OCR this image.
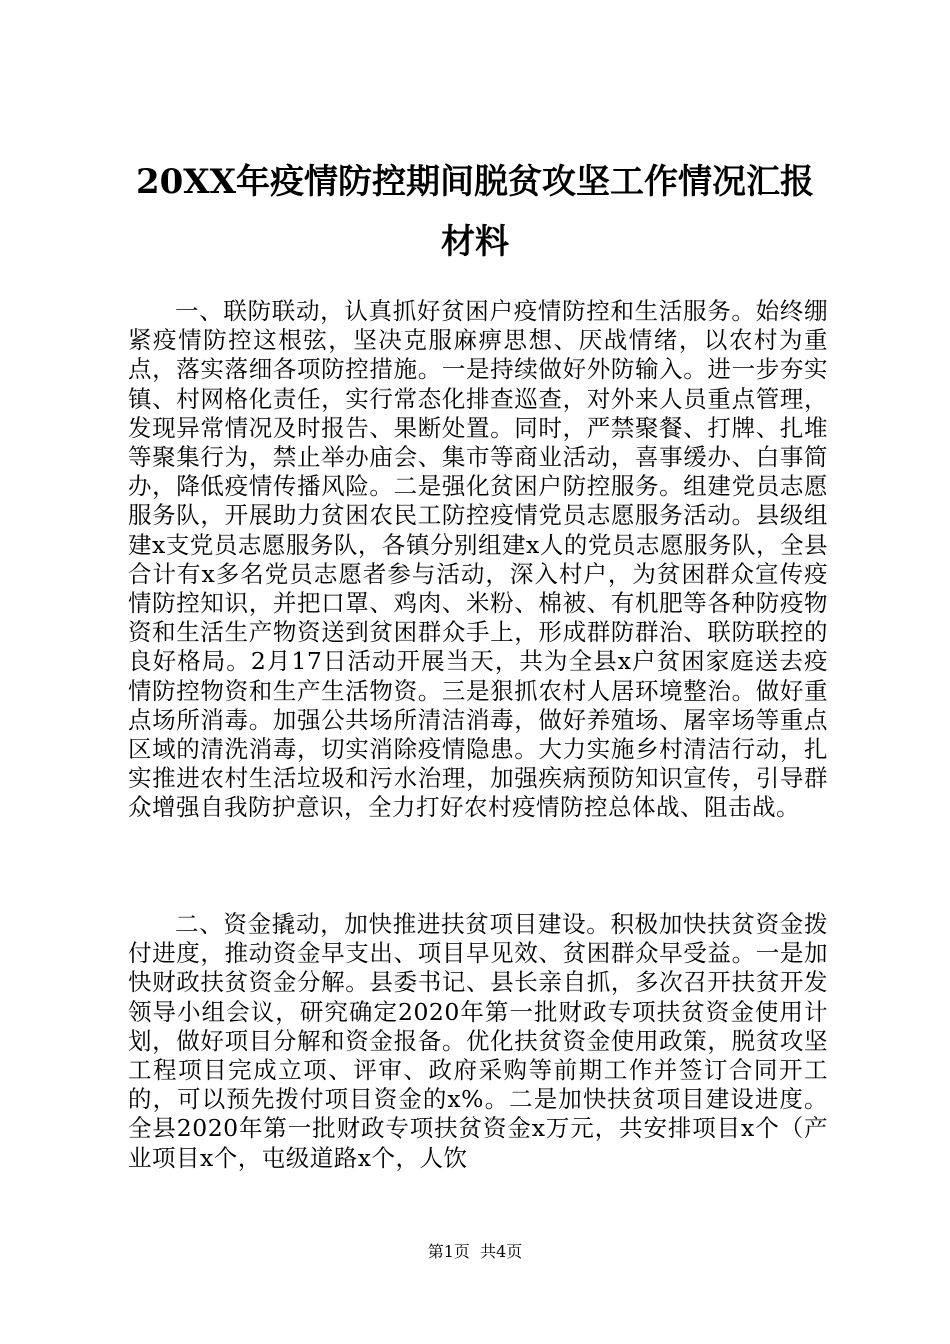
20XX年疫情防控期间脱贫攻坚工作情况汇报
材料

一、联防联动，认真抓好贫困户疫情防控和生活服务。始终绷紧疫情防控这根弦，坚决克服麻痹思想、厌战情绪，以农村为重点，落实落细各项防控措施。一是持续做好外防输入。进一步夯实镇、村网格化责任，实行常态化排查巡查，对外来人员重点管理，发现异常情况及时报告、果断处置。同时，严禁聚餐、打牌、扎堆等聚集行为，禁止举办庙会、集市等商业活动，喜事缓办、白事简办，降低疫情传播风险。二是强化贫困户防控服务。组建党员志愿服务队，开展助力贫困农民工防控疫情党员志愿服务活动。县级组建x支党员志愿服务队，各镇分别组建x人的党员志愿服务队，全县合计有x多名党员志愿者参与活动，深入村户，为贫困群众宣传疫情防控知识，并把口罩、鸡肉、米粉、棉被、有机肥等各种防疫物资和生活生产物资送到贫困群众手上，形成群防群治、联防联控的良好格局。2月17日活动开展当天，共为全县x户贫困家庭送去疫情防控物资和生产生活物资。三是狠抓农村人居环境整治。做好重点场所消毒。加强公共场所清洁消毒，做好养殖场、屠宰场等重点区域的清洗消毒，切实消除疫情隐患。大力实施乡村清洁行动，扎实推进农村生活垃圾和污水治理，加强疾病预防知识宣传，引导群众增强自我防护意识，全力打好农村疫情防控总体战、阻击战。

二、资金撬动，加快推进扶贫项目建设。积极加快扶贫资金拨付进度，推动资金早支出、项目早见效、贫困群众早受益。一是加快财政扶贫资金分解。县委书记、县长亲自抓，多次召开扶贫开发领导小组会议，研究确定2020年第一批财政专项扶贫资金使用计划，做好项目分解和资金报备。优化扶贫资金使用政策，脱贫攻坚工程项目完成立项、评审、政府采购等前期工作并签订合同开工的，可以预先拨付项目资金的x%。二是加快扶贫项目建设进度。全县2020年第一批财政专项扶贫资金x万元，共安排项目x个（产业项目x个，屯级道路x个，人饮

第1页  共4页
